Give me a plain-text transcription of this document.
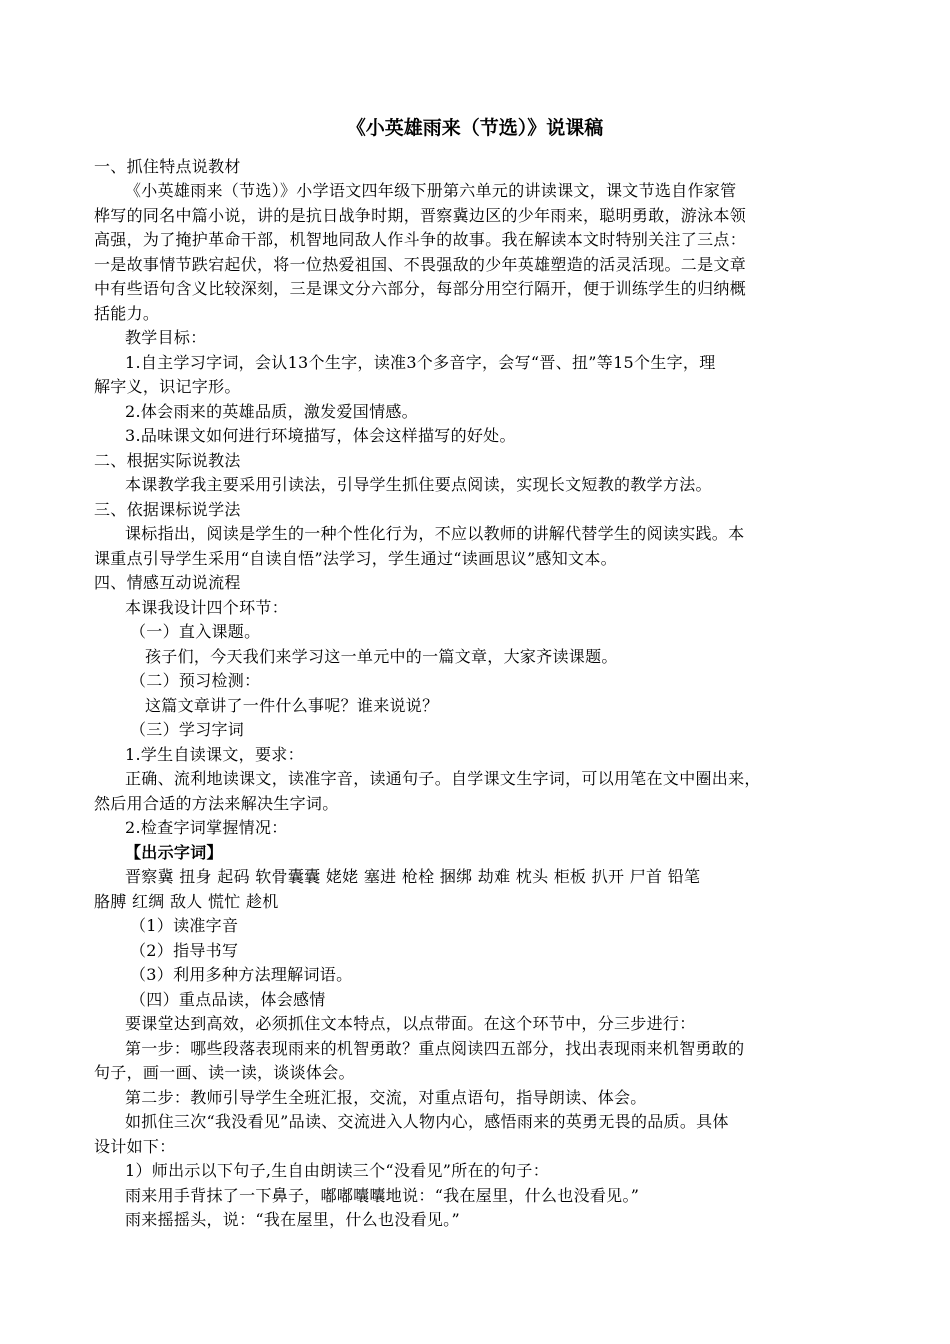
《小英雄雨来（节选）》说课稿
一、抓住特点说教材
《小英雄雨来（节选）》小学语文四年级下册第六单元的讲读课文，课文节选自作家管
桦写的同名中篇小说，讲的是抗日战争时期，晋察冀边区的少年雨来，聪明勇敢，游泳本领
高强，为了掩护革命干部，机智地同敌人作斗争的故事。我在解读本文时特别关注了三点：
一是故事情节跌宕起伏，将一位热爱祖国、不畏强敌的少年英雄塑造的活灵活现。二是文章
中有些语句含义比较深刻，三是课文分六部分，每部分用空行隔开，便于训练学生的归纳概
括能力。
教学目标：
1.自主学习字词，会认13个生字，读准3个多音字，会写“晋、扭”等15个生字，理
解字义，识记字形。
2.体会雨来的英雄品质，激发爱国情感。
3.品味课文如何进行环境描写，体会这样描写的好处。
二、根据实际说教法
本课教学我主要采用引读法，引导学生抓住要点阅读，实现长文短教的教学方法。
三、依据课标说学法
课标指出，阅读是学生的一种个性化行为，不应以教师的讲解代替学生的阅读实践。本
课重点引导学生采用“自读自悟”法学习，学生通过“读画思议”感知文本。
四、情感互动说流程
本课我设计四个环节：
（一）直入课题。
孩子们，今天我们来学习这一单元中的一篇文章，大家齐读课题。
（二）预习检测：
这篇文章讲了一件什么事呢？谁来说说？
（三）学习字词
1.学生自读课文，要求：
正确、流利地读课文，读准字音，读通句子。自学课文生字词，可以用笔在文中圈出来，
然后用合适的方法来解决生字词。
2.检查字词掌握情况：
【出示字词】
晋察冀 扭身 起码 软骨囊囊 姥姥 塞进 枪栓 捆绑 劫难 枕头 柜板 扒开 尸首 铅笔
胳膊 红绸 敌人 慌忙 趁机
（1）读准字音
（2）指导书写
（3）利用多种方法理解词语。
（四）重点品读，体会感情
要课堂达到高效，必须抓住文本特点，以点带面。在这个环节中，分三步进行：
第一步：哪些段落表现雨来的机智勇敢？重点阅读四五部分，找出表现雨来机智勇敢的
句子，画一画、读一读，谈谈体会。
第二步：教师引导学生全班汇报，交流，对重点语句，指导朗读、体会。
如抓住三次“我没看见”品读、交流进入人物内心，感悟雨来的英勇无畏的品质。具体
设计如下：
1）师出示以下句子,生自由朗读三个“没看见”所在的句子：
雨来用手背抹了一下鼻子，嘟嘟囔囔地说：“我在屋里，什么也没看见。”
雨来摇摇头，说：“我在屋里，什么也没看见。”
